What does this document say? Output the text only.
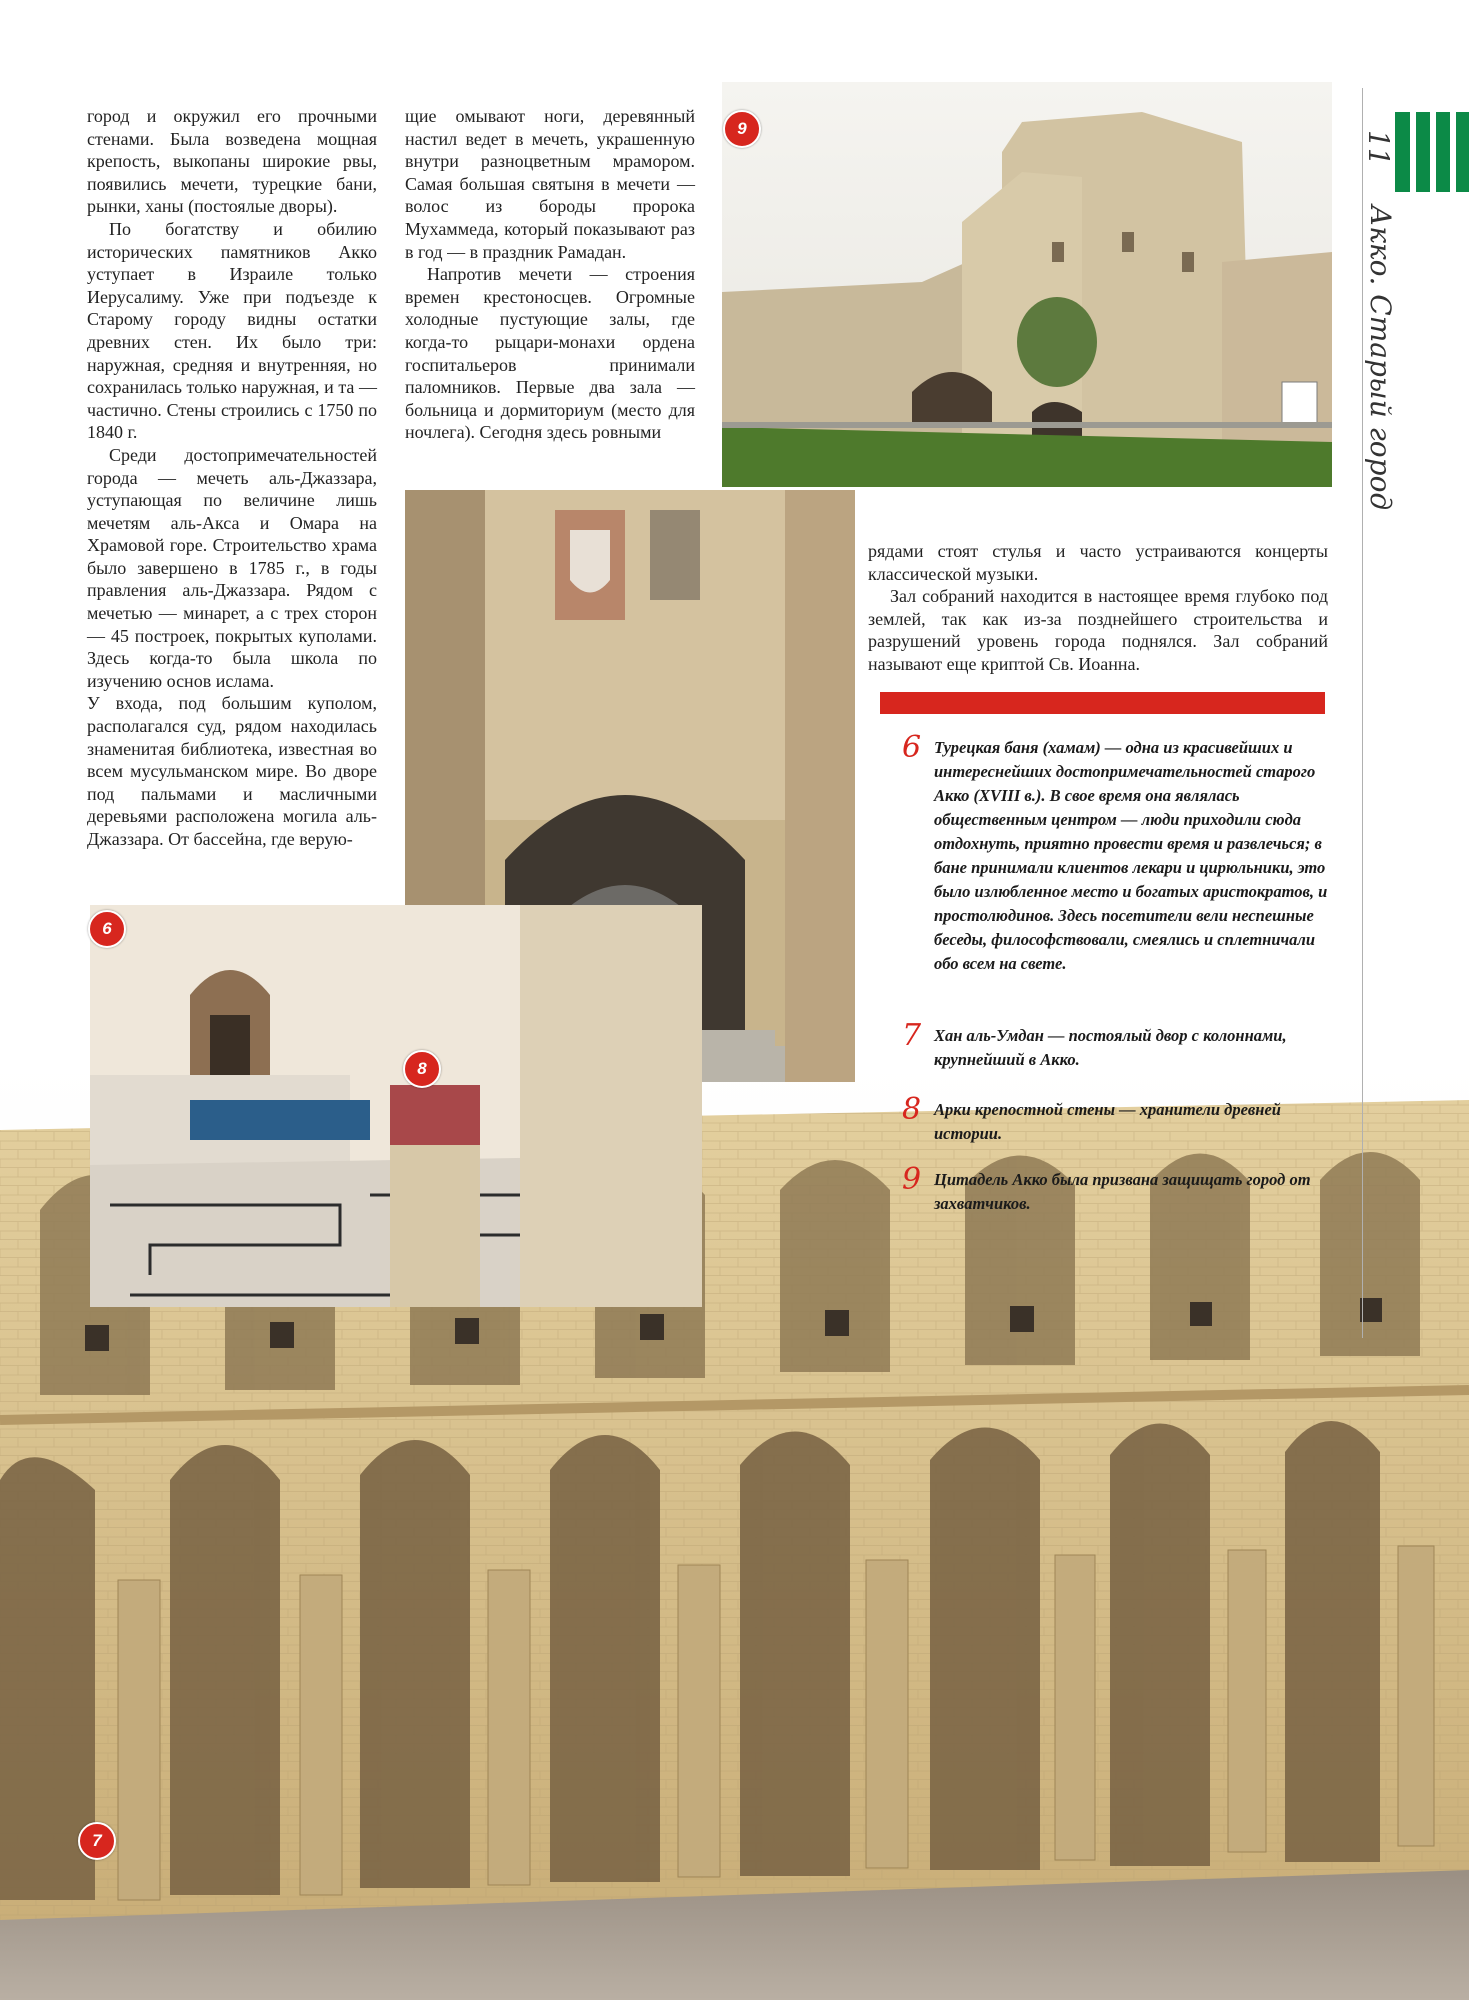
город и окружил его прочными стенами. Была возведена мощная крепость, выкопаны широкие рвы, появились мечети, турецкие бани, рынки, ханы (постоялые дворы).

По богатству и обилию исторических памятников Акко уступает в Израиле только Иерусалиму. Уже при подъезде к Старому городу видны остатки древних стен. Их было три: наружная, средняя и внутренняя, но сохранилась только наружная, и та — частично. Стены строились с 1750 по 1840 г.

Среди достопримечательностей города — мечеть аль-Джаззара, уступающая по величине лишь мечетям аль-Акса и Омара на Храмовой горе. Строительство храма было завершено в 1785 г., в годы правления аль-Джаззара. Рядом с мечетью — минарет, а с трех сторон — 45 построек, покрытых куполами. Здесь когда-то была школа по изучению основ ислама.

У входа, под большим куполом, располагался суд, рядом находилась знаменитая библиотека, известная во всем мусульманском мире. Во дворе под пальмами и масличными деревьями расположена могила аль-Джаззара. От бассейна, где верую-

щие омывают ноги, деревянный настил ведет в мечеть, украшенную внутри разноцветным мрамором. Самая большая святыня в мечети — волос из бороды пророка Мухаммеда, который показывают раз в год — в праздник Рамадан.

Напротив мечети — строения времен крестоносцев. Огромные холодные пустующие залы, где когда-то рыцари-монахи ордена госпитальеров принимали паломников. Первые два зала — больница и дормиториум (место для ночлега). Сегодня здесь ровными

рядами стоят стулья и часто устраиваются концерты классической музыки.

Зал собраний находится в настоящее время глубоко под землей, так как из-за позднейшего строительства и разрушений уровень города поднялся. Зал собраний называют еще криптой Св. Иоанна.

6 Турецкая баня (хамам) — одна из красивейших и интереснейших достопримечательностей старого Акко (XVIII в.). В свое время она являлась общественным центром — люди приходили сюда отдохнуть, приятно провести время и развлечься; в бане принимали клиентов лекари и цирюльники, это было излюбленное место и богатых аристократов, и простолюдинов. Здесь посетители вели неспешные беседы, философствовали, смеялись и сплетничали обо всем на свете.
7 Хан аль-Умдан — постоялый двор с колоннами, крупнейший в Акко.
8 Арки крепостной стены — хранители древней истории.
9 Цитадель Акко была призвана защищать город от захватчиков.
9
6
8
7
11
Акко. Старый город
